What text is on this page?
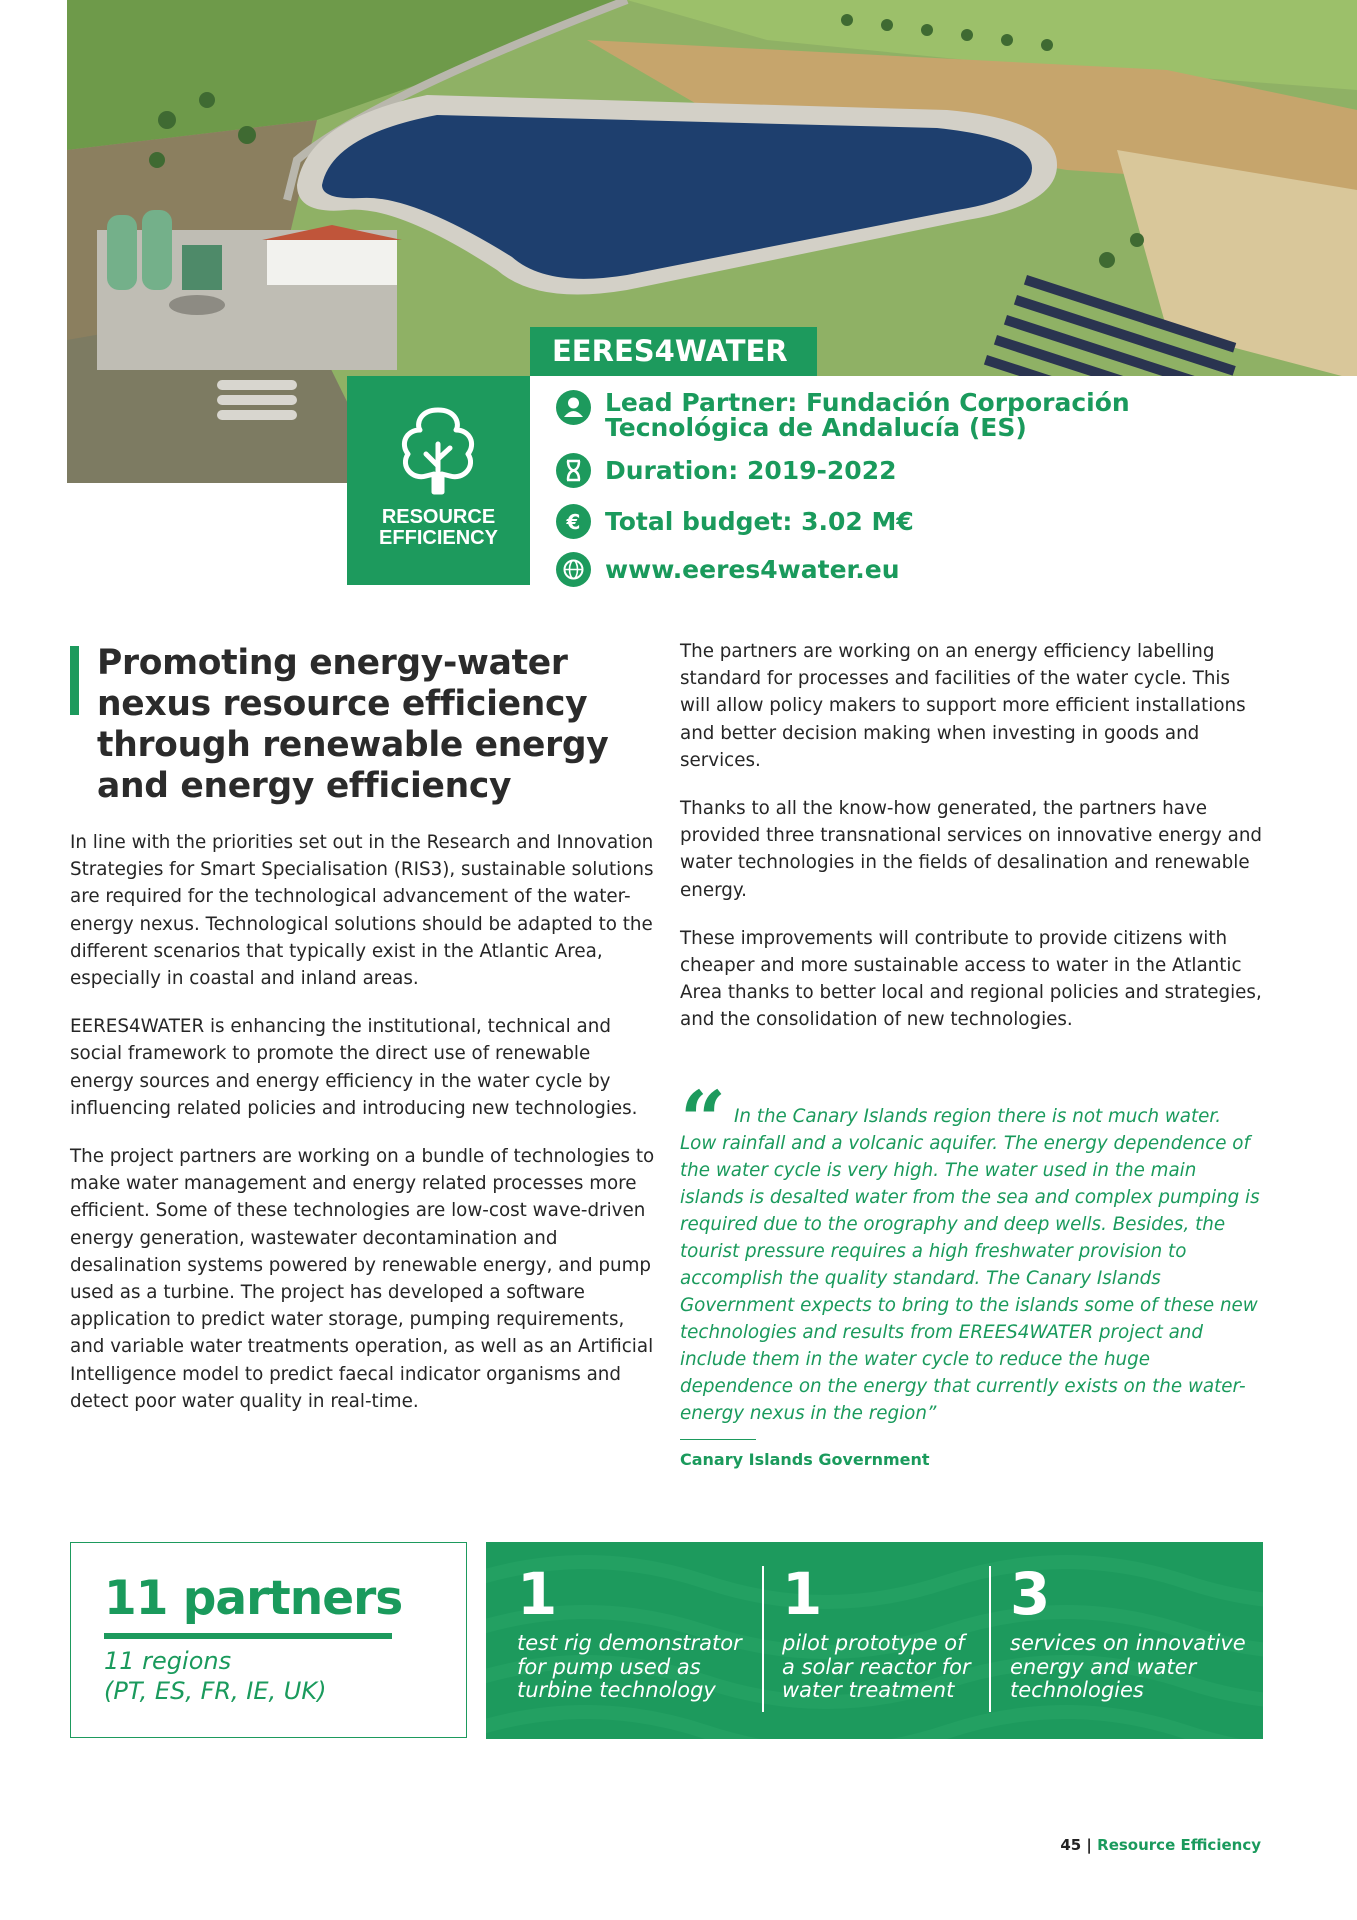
RESOURCE
EFFICIENCY
EERES4WATER
Lead Partner: Fundación Corporación
Tecnológica de Andalucía (ES)
Duration: 2019-2022
€ Total budget: 3.02 M€
www.eeres4water.eu
Promoting energy-water nexus resource efficiency through renewable energy and energy efficiency

In line with the priorities set out in the Research and Innovation Strategies for Smart Specialisation (RIS3), sustainable solutions are required for the technological advancement of the water-energy nexus. Technological solutions should be adapted to the different scenarios that typically exist in the Atlantic Area, especially in coastal and inland areas.

EERES4WATER is enhancing the institutional, technical and social framework to promote the direct use of renewable energy sources and energy efficiency in the water cycle by influencing related policies and introducing new technologies.

The project partners are working on a bundle of technologies to make water management and energy related processes more efficient. Some of these technologies are low-cost wave-driven energy generation, wastewater decontamination and desalination systems powered by renewable energy, and pump used as a turbine. The project has developed a software application to predict water storage, pumping requirements, and variable water treatments operation, as well as an Artificial Intelligence model to predict faecal indicator organisms and detect poor water quality in real-time.

The partners are working on an energy efficiency labelling standard for processes and facilities of the water cycle. This will allow policy makers to support more efficient installations and better decision making when investing in goods and services.

Thanks to all the know-how generated, the partners have provided three transnational services on innovative energy and water technologies in the fields of desalination and renewable energy.

These improvements will contribute to provide citizens with cheaper and more sustainable access to water in the Atlantic Area thanks to better local and regional policies and strategies, and the consolidation of new technologies.

“ In the Canary Islands region there is not much water. Low rainfall and a volcanic aquifer. The energy dependence of the water cycle is very high. The water used in the main islands is desalted water from the sea and complex pumping is required due to the orography and deep wells. Besides, the tourist pressure requires a high freshwater provision to accomplish the quality standard. The Canary Islands Government expects to bring to the islands some of these new technologies and results from EREES4WATER project and include them in the water cycle to reduce the huge dependence on the energy that currently exists on the water-energy nexus in the region”
Canary Islands Government
11 partners
11 regions
(PT, ES, FR, IE, UK)
1
test rig demonstrator
for pump used as
turbine technology
1
pilot prototype of
a solar reactor for
water treatment
3
services on innovative
energy and water
technologies
45 | Resource Efficiency
